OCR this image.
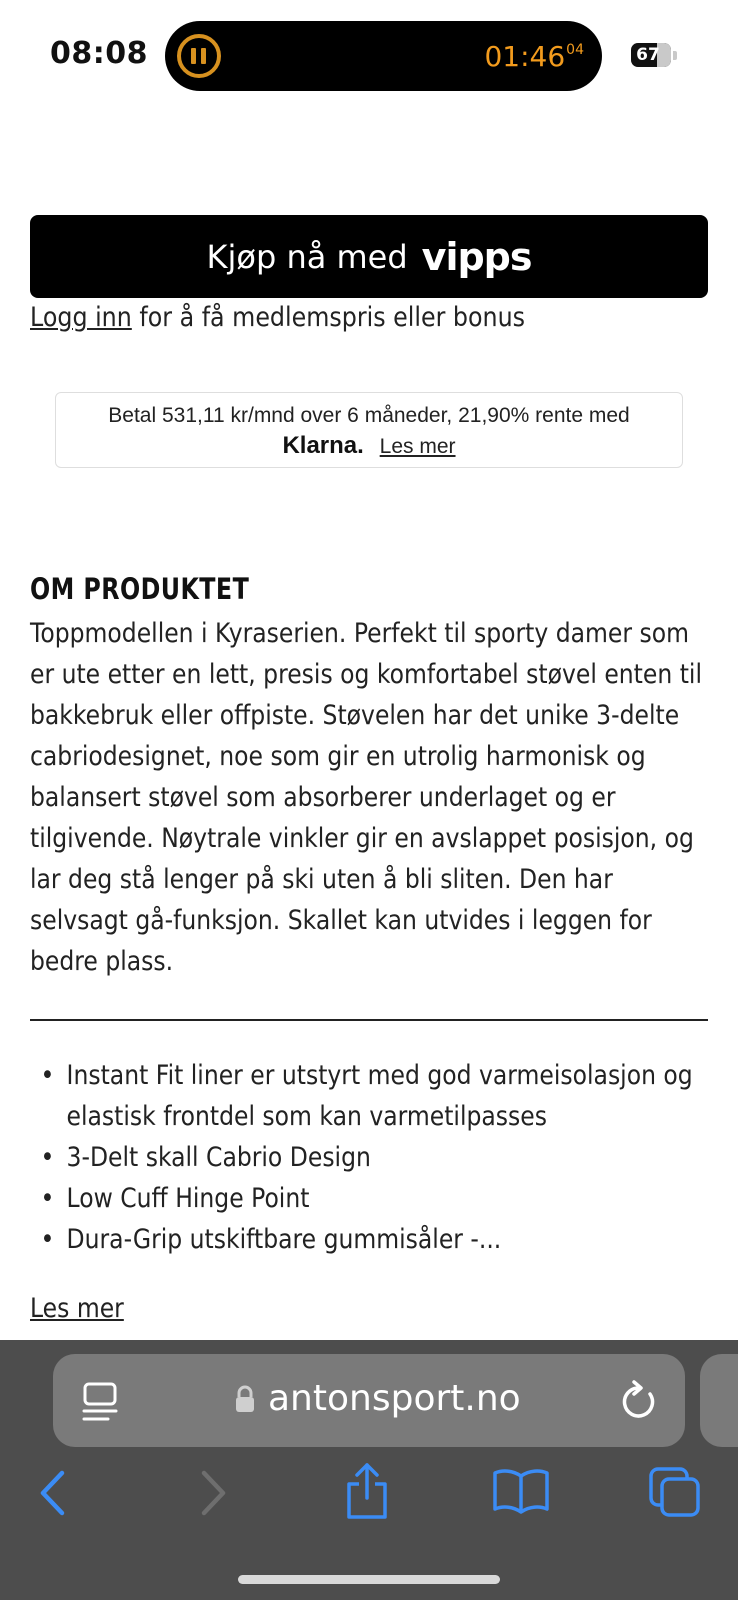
08:08	$01:46^{04}$	67
Kjøp nå med vipps
Logg inn for å få medlemspris eller bonus
Betal 531,11 kr/mnd over 6 måneder, 21,90% rente med
Klarna. Les mer
OM PRODUKTET
Toppmodellen i Kyraserien. Perfekt til sporty damer som er ute etter en lett, presis og komfortabel støvel enten til bakkebruk eller offpiste. Støvelen har det unike 3-delte cabriodesignet, noe som gir en utrolig harmonisk og balansert støvel som absorberer underlaget og er tilgivende. Nøytrale vinkler gir en avslappet posisjon, og lar deg stå lenger på ski uten å bli sliten. Den har selvsagt gå-funksjon. Skallet kan utvides i leggen for bedre plass.
• Instant Fit liner er utstyrt med god varmeisolasjon og elastisk frontdel som kan varmetilpasses
• 3-Delt skall Cabrio Design
• Low Cuff Hinge Point
• Dura-Grip utskiftbare gummisåler -...
Les mer
antonsport.no
